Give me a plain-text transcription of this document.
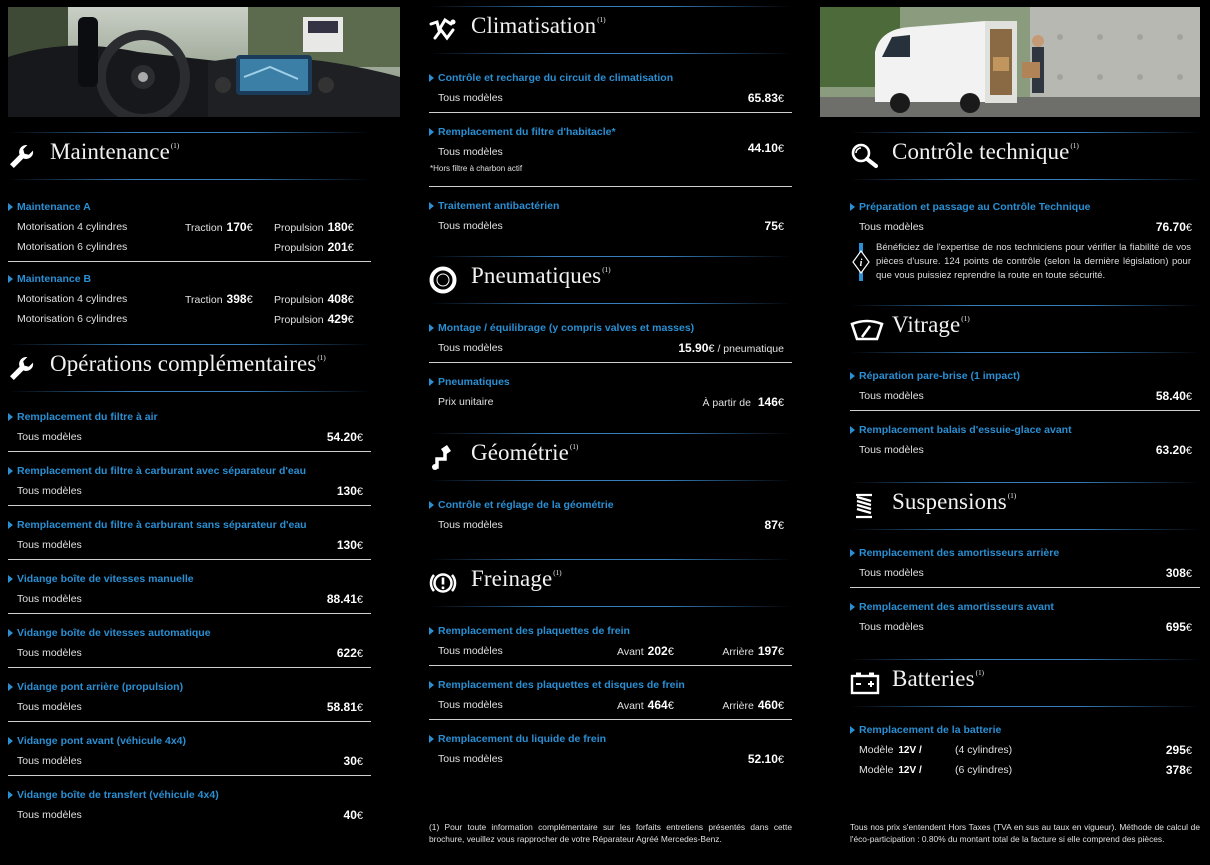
Maintenance$^{(1)}$
Maintenance A
Motorisation 4 cylindres	Traction 170€ Propulsion 180€
Motorisation 6 cylindres	Propulsion 201€
Maintenance B
Motorisation 4 cylindres	Traction 398€ Propulsion 408€
Motorisation 6 cylindres	Propulsion 429€
Opérations complémentaires$^{(1)}$
Remplacement du filtre à air
Tous modèles	54.20€
Remplacement du filtre à carburant avec séparateur d'eau
Tous modèles	130€
Remplacement du filtre à carburant sans séparateur d'eau
Tous modèles	130€
Vidange boîte de vitesses manuelle
Tous modèles	88.41€
Vidange boîte de vitesses automatique
Tous modèles	622€
Vidange pont arrière (propulsion)
Tous modèles	58.81€
Vidange pont avant (véhicule 4x4)
Tous modèles	30€
Vidange boîte de transfert (véhicule 4x4)
Tous modèles	40€
Climatisation$^{(1)}$
Contrôle et recharge du circuit de climatisation
Tous modèles	65.83€
Remplacement du filtre d'habitacle*
Tous modèles	44.10€
*Hors filtre à charbon actif
Traitement antibactérien
Tous modèles	75€
Pneumatiques$^{(1)}$
Montage / équilibrage (y compris valves et masses)
Tous modèles	15.90€ / pneumatique
Pneumatiques
Prix unitaire	À partir de 146€
Géométrie$^{(1)}$
Contrôle et réglage de la géométrie
Tous modèles	87€
Freinage$^{(1)}$
Remplacement des plaquettes de frein
Tous modèles	Avant 202€	Arrière 197€
Remplacement des plaquettes et disques de frein
Tous modèles	Avant 464€	Arrière 460€
Remplacement du liquide de frein
Tous modèles	52.10€
(1) Pour toute information complémentaire sur les forfaits entretiens présentés dans cette brochure, veuillez vous rapprocher de votre Réparateur Agréé Mercedes-Benz.
Contrôle technique$^{(1)}$
Préparation et passage au Contrôle Technique
Tous modèles	76.70€
i
Bénéficiez de l'expertise de nos techniciens pour vérifier la fiabilité de vos pièces d'usure. 124 points de contrôle (selon la dernière législation) pour que vous puissiez reprendre la route en toute sécurité.
Vitrage$^{(1)}$
Réparation pare-brise (1 impact)
Tous modèles	58.40€
Remplacement balais d'essuie-glace avant
Tous modèles	63.20€
Suspensions$^{(1)}$
Remplacement des amortisseurs arrière
Tous modèles	308€
Remplacement des amortisseurs avant
Tous modèles	695€
Batteries$^{(1)}$
Remplacement de la batterie
Modèle 12V /	(4 cylindres)	295€
Modèle 12V /	(6 cylindres)	378€
Tous nos prix s'entendent Hors Taxes (TVA en sus au taux en vigueur). Méthode de calcul de l'éco-participation : 0.80% du montant total de la facture si elle comprend des pièces.
